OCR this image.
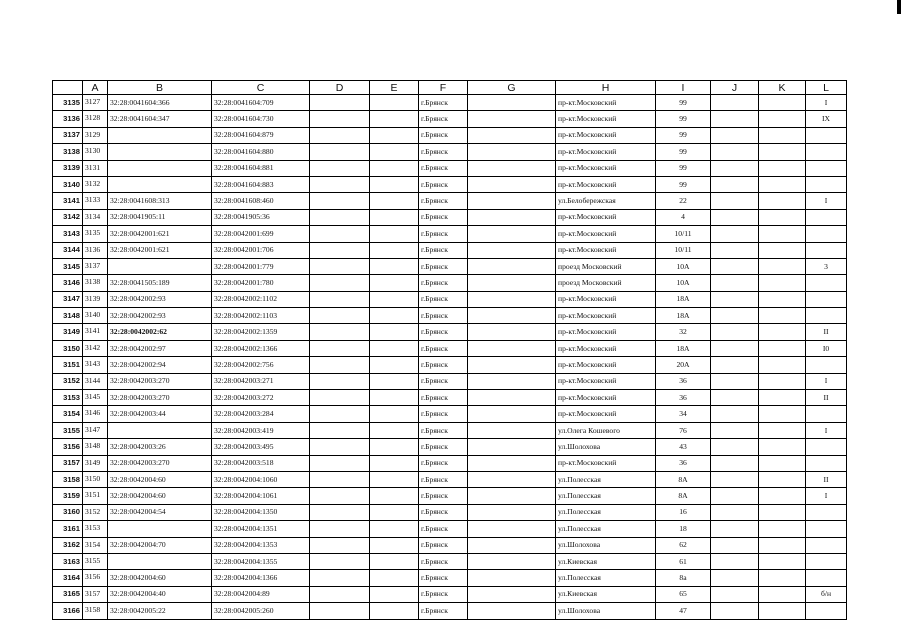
	A	B	C	D	E	F	G	H	I	J	K	L
3135	3127	32:28:0041604:366	32:28:0041604:709			г.Брянск		пр-кт.Московский	99			I
3136	3128	32:28:0041604:347	32:28:0041604:730			г.Брянск		пр-кт.Московский	99			IX
3137	3129		32:28:0041604:879			г.Брянск		пр-кт.Московский	99			
3138	3130		32:28:0041604:880			г.Брянск		пр-кт.Московский	99			
3139	3131		32:28:0041604:881			г.Брянск		пр-кт.Московский	99			
3140	3132		32:28:0041604:883			г.Брянск		пр-кт.Московский	99			
3141	3133	32:28:0041608:313	32:28:0041608:460			г.Брянск		ул.Белобережская	22			I
3142	3134	32:28:0041905:11	32:28:0041905:36			г.Брянск		пр-кт.Московский	4			
3143	3135	32:28:0042001:621	32:28:0042001:699			г.Брянск		пр-кт.Московский	10/11			
3144	3136	32:28:0042001:621	32:28:0042001:706			г.Брянск		пр-кт.Московский	10/11			
3145	3137		32:28:0042001:779			г.Брянск		проезд Московский	10А			3
3146	3138	32:28:0041505:189	32:28:0042001:780			г.Брянск		проезд Московский	10А			
3147	3139	32:28:0042002:93	32:28:0042002:1102			г.Брянск		пр-кт.Московский	18А			
3148	3140	32:28:0042002:93	32:28:0042002:1103			г.Брянск		пр-кт.Московский	18А			
3149	3141	32:28:0042002:62	32:28:0042002:1359			г.Брянск		пр-кт.Московский	32			II
3150	3142	32:28:0042002:97	32:28:0042002:1366			г.Брянск		пр-кт.Московский	18А			I0
3151	3143	32:28:0042002:94	32:28:0042002:756			г.Брянск		пр-кт.Московский	20А			
3152	3144	32:28:0042003:270	32:28:0042003:271			г.Брянск		пр-кт.Московский	36			I
3153	3145	32:28:0042003:270	32:28:0042003:272			г.Брянск		пр-кт.Московский	36			II
3154	3146	32:28:0042003:44	32:28:0042003:284			г.Брянск		пр-кт.Московский	34			
3155	3147		32:28:0042003:419			г.Брянск		ул.Олега Кошевого	76			I
3156	3148	32:28:0042003:26	32:28:0042003:495			г.Брянск		ул.Шолохова	43			
3157	3149	32:28:0042003:270	32:28:0042003:518			г.Брянск		пр-кт.Московский	36			
3158	3150	32:28:0042004:60	32:28:0042004:1060			г.Брянск		ул.Полесская	8А			II
3159	3151	32:28:0042004:60	32:28:0042004:1061			г.Брянск		ул.Полесская	8А			I
3160	3152	32:28:0042004:54	32:28:0042004:1350			г.Брянск		ул.Полесская	16			
3161	3153		32:28:0042004:1351			г.Брянск		ул.Полесская	18			
3162	3154	32:28:0042004:70	32:28:0042004:1353			г.Брянск		ул.Шолохова	62			
3163	3155		32:28:0042004:1355			г.Брянск		ул.Киевская	61			
3164	3156	32:28:0042004:60	32:28:0042004:1366			г.Брянск		ул.Полесская	8а			
3165	3157	32:28:0042004:40	32:28:0042004:89			г.Брянск		ул.Киевская	65			б/н
3166	3158	32:28:0042005:22	32:28:0042005:260			г.Брянск		ул.Шолохова	47			
